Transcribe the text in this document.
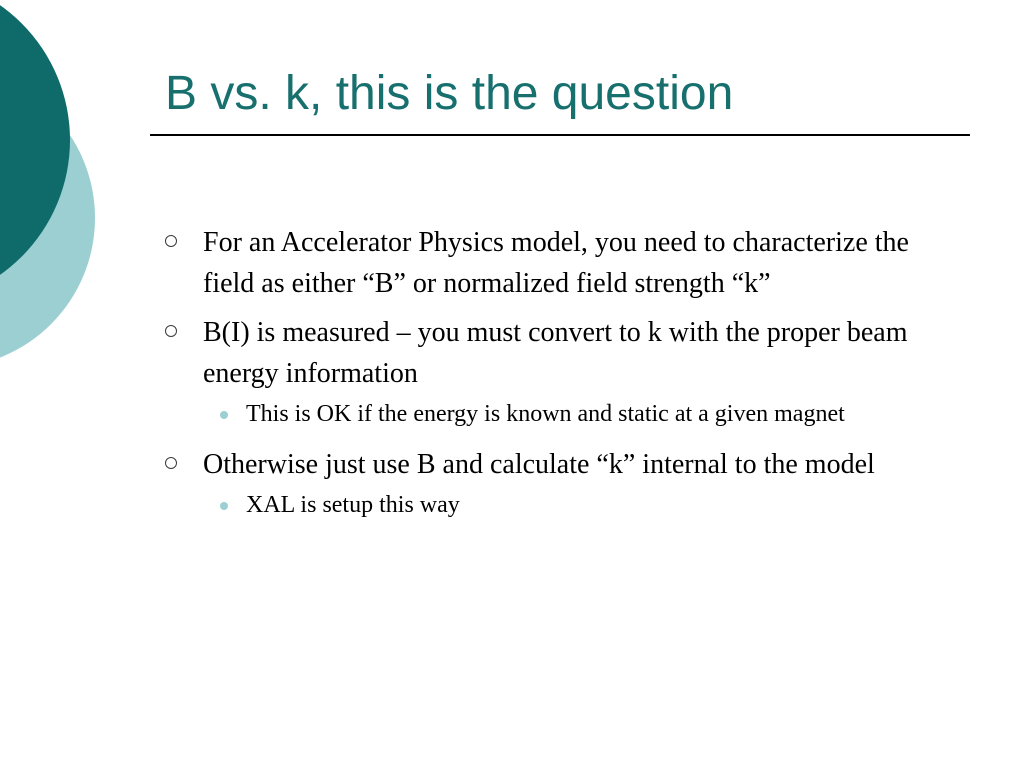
B vs. k, this is the question
For an Accelerator Physics model, you need to characterize the field as either “B” or normalized field strength “k”
B(I) is measured – you must convert to k with the proper beam energy information
This is OK if the energy is known and static at a given magnet
Otherwise just use B and calculate “k” internal to the model
XAL is setup this way
